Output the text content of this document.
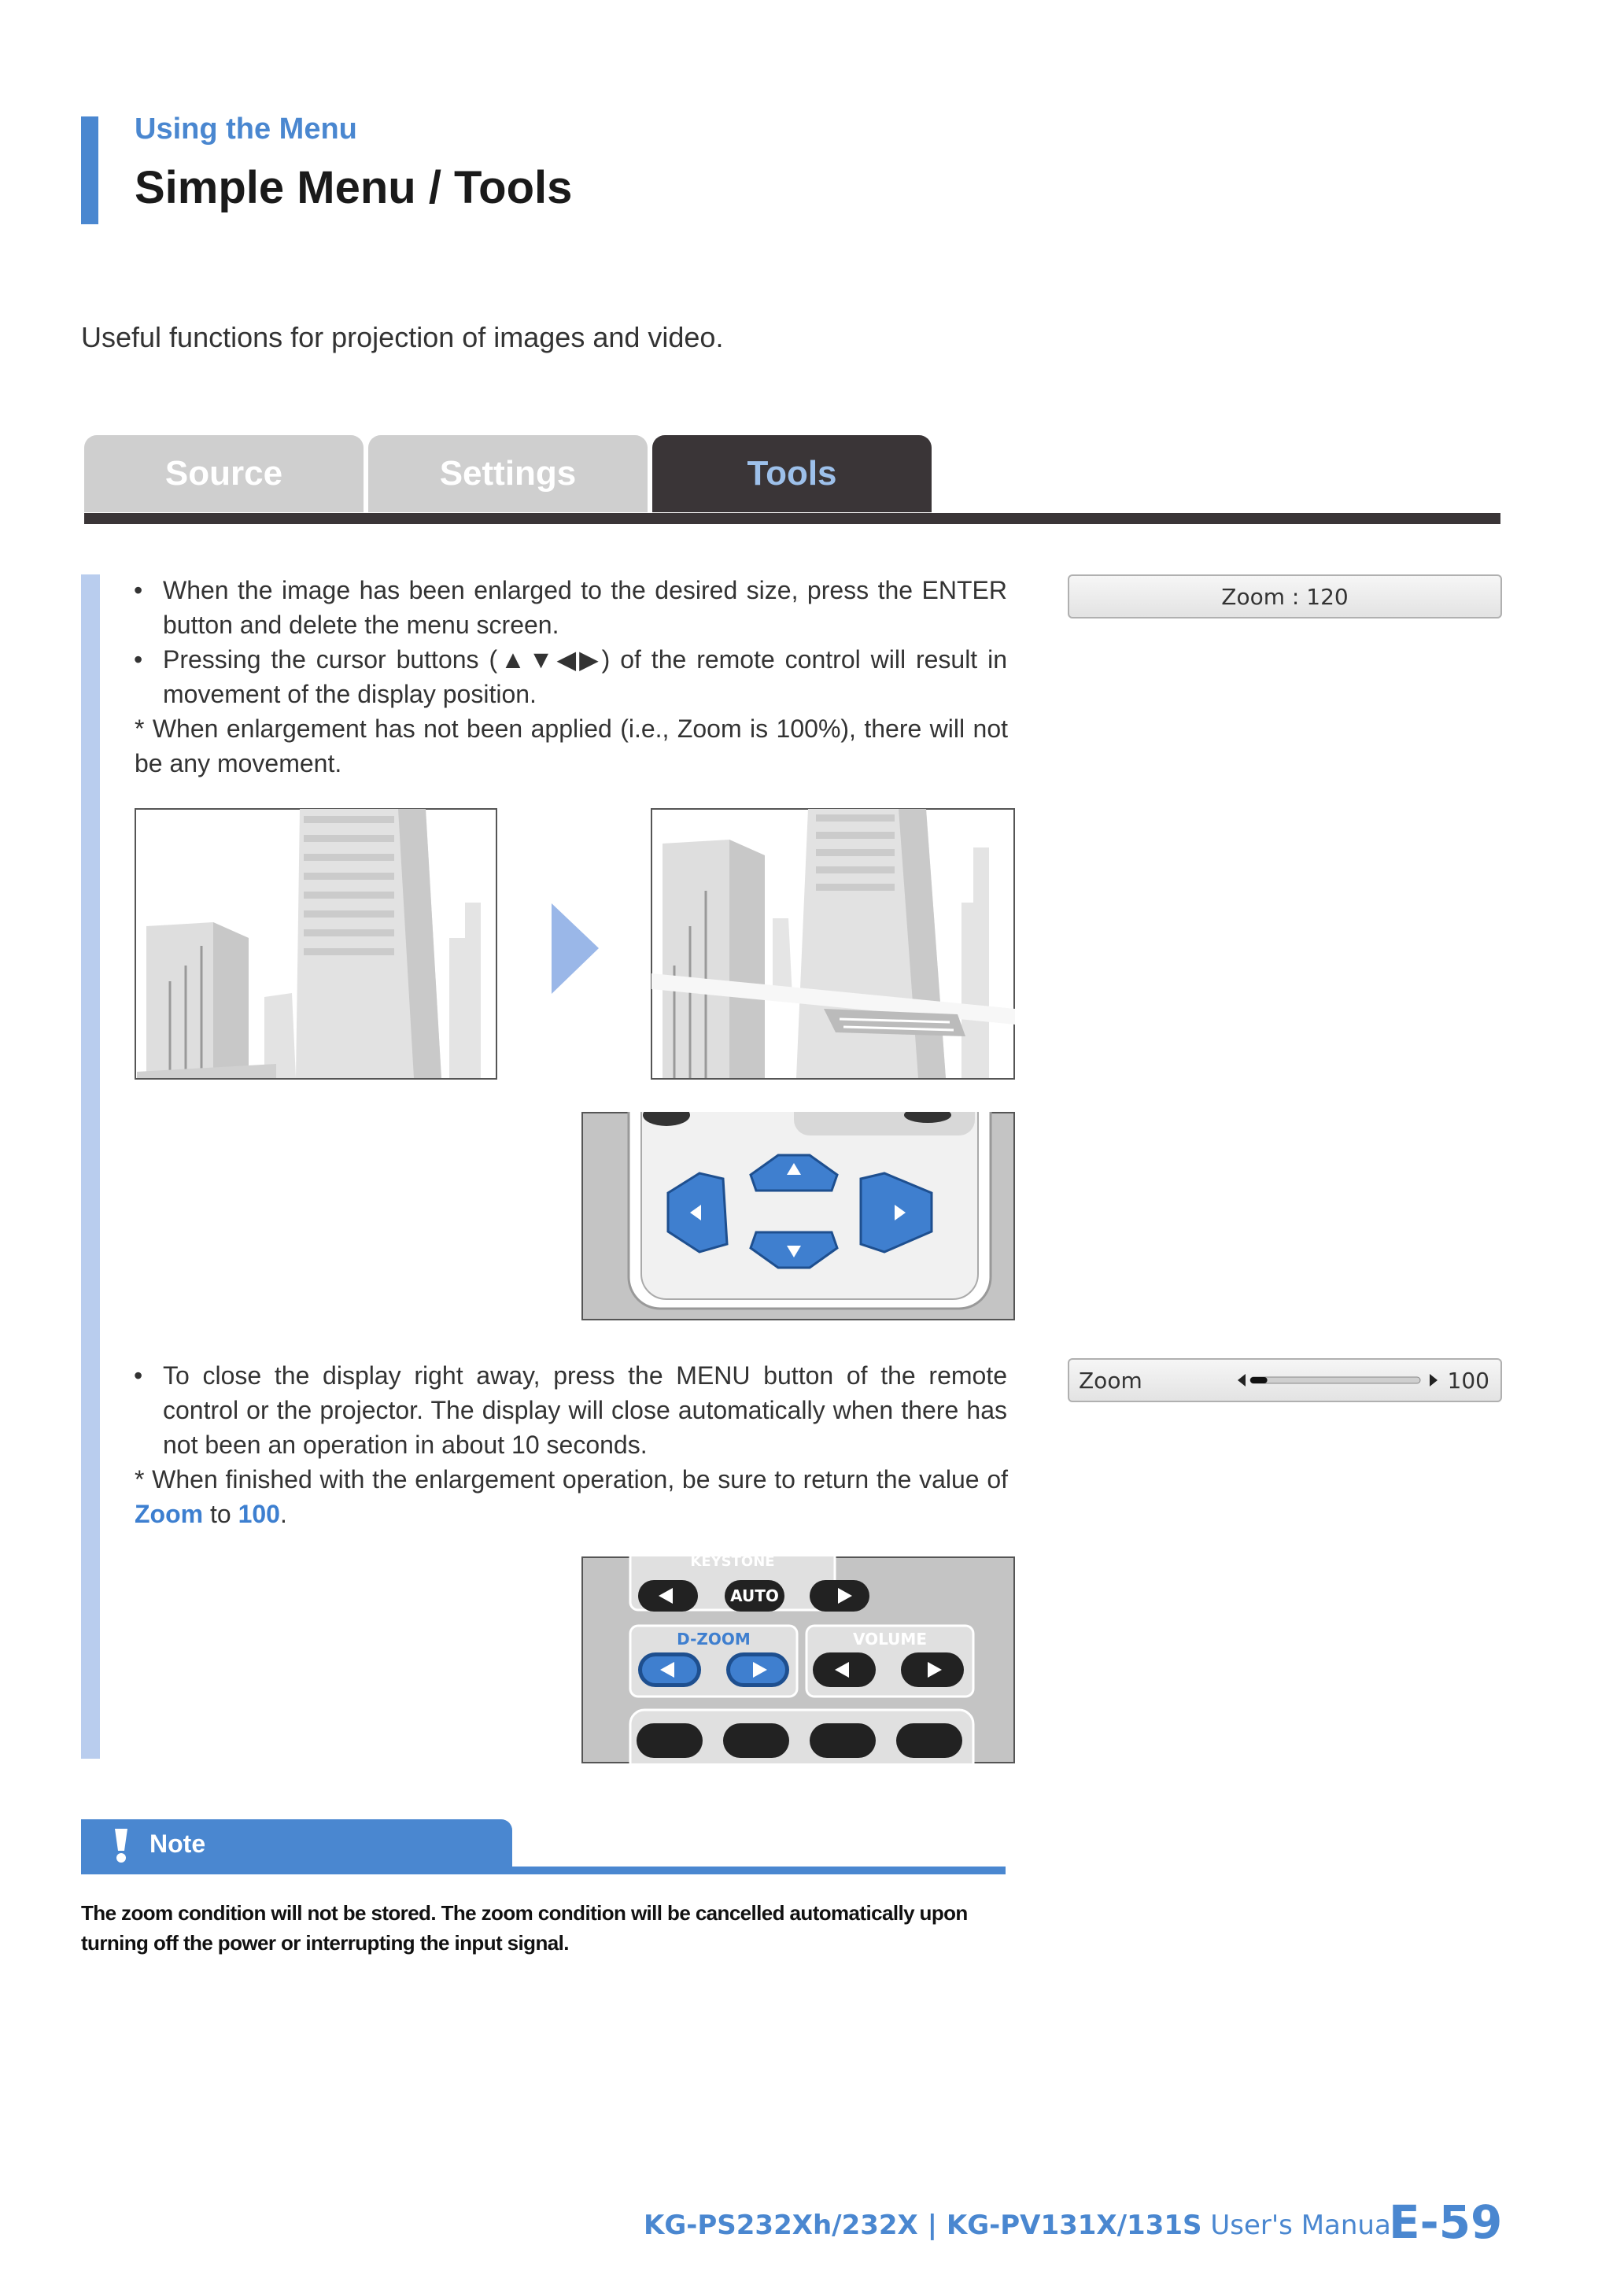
Using the Menu
Simple Menu / Tools
Useful functions for projection of images and video.
Source	Settings	Tools
• When the image has been enlarged to the desired size, press the ENTER button and delete the menu screen.
• Pressing the cursor buttons (▲▼◀▶) of the remote control will result in movement of the display position.
* When enlargement has not been applied (i.e., Zoom is 100%), there will not be any movement.
Zoom : 120
• To close the display right away, press the MENU button of the remote control or the projector. The display will close automatically when there has not been an operation in about 10 seconds.
* When finished with the enlargement operation, be sure to return the value of Zoom to 100.
Zoom	100
KEYSTONE
AUTO
D-ZOOM	VOLUME
Note
The zoom condition will not be stored. The zoom condition will be cancelled automatically upon turning off the power or interrupting the input signal.
KG-PS232Xh/232X | KG-PV131X/131S User's Manual
E-59
